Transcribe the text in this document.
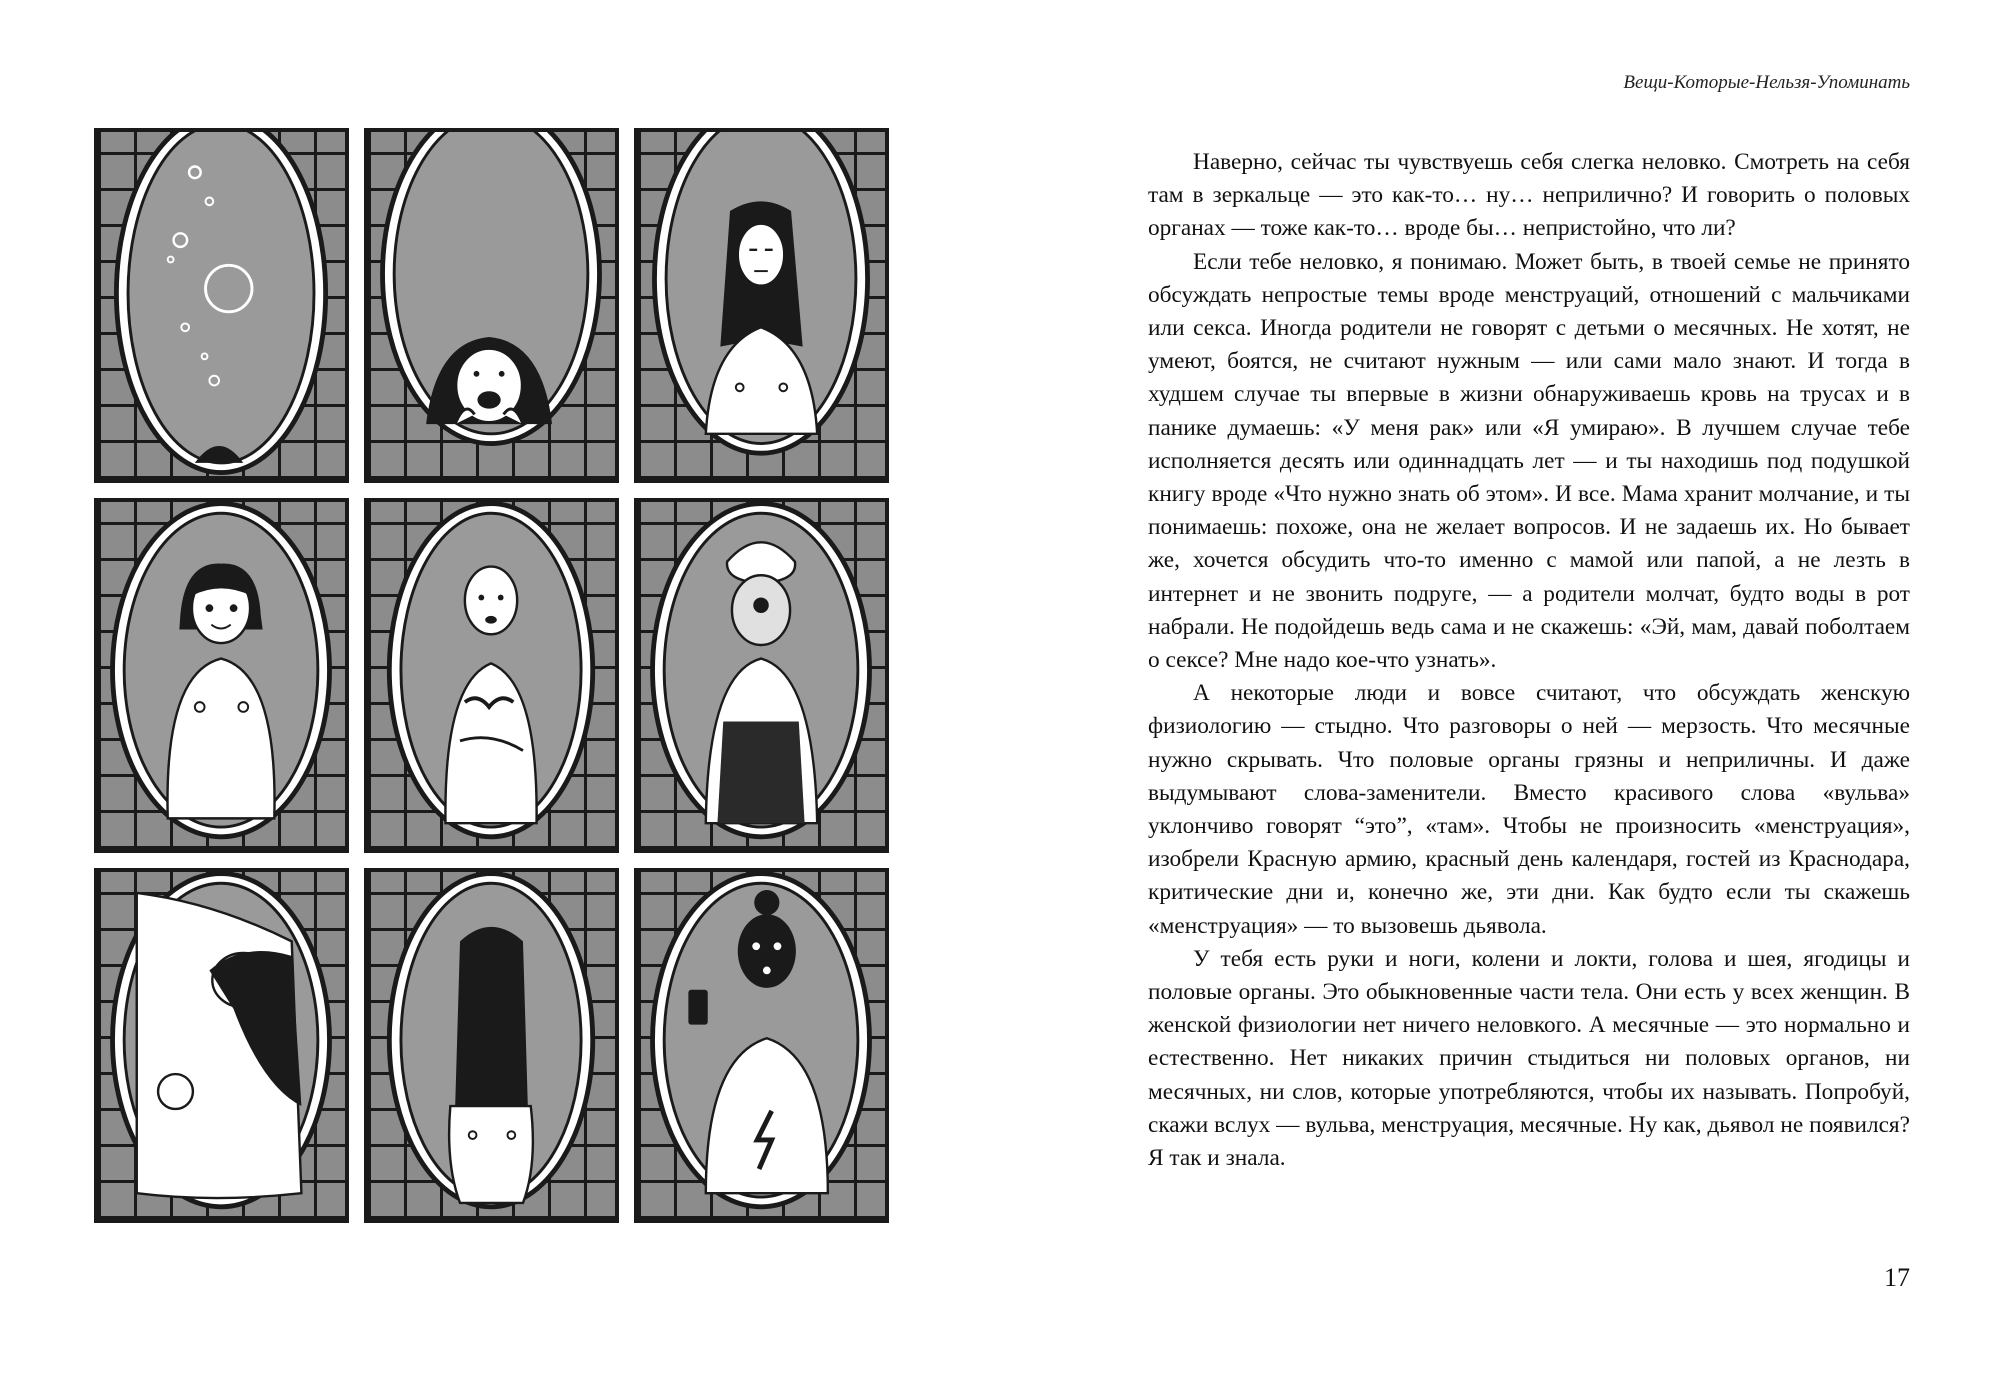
Вещи-Которые-Нельзя-Упоминать

Наверно, сейчас ты чувствуешь себя слегка неловко. Смотреть на себя там в зеркальце — это как-то… ну… неприлично? И говорить о половых органах — тоже как-то… вроде бы… непристойно, что ли?

Если тебе неловко, я понимаю. Может быть, в твоей семье не принято обсуждать непростые темы вроде менструаций, отношений с мальчиками или секса. Иногда родители не говорят с детьми о месячных. Не хотят, не умеют, боятся, не считают нужным — или сами мало знают. И тогда в худшем случае ты впервые в жизни обнаруживаешь кровь на трусах и в панике думаешь: «У меня рак» или «Я умираю». В лучшем случае тебе исполняется десять или одиннадцать лет — и ты находишь под подушкой книгу вроде «Что нужно знать об этом». И все. Мама хранит молчание, и ты понимаешь: похоже, она не желает вопросов. И не задаешь их. Но бывает же, хочется обсудить что-то именно с мамой или папой, а не лезть в интернет и не звонить подруге, — а родители молчат, будто воды в рот набрали. Не подойдешь ведь сама и не скажешь: «Эй, мам, давай поболтаем о сексе? Мне надо кое-что узнать».

А некоторые люди и вовсе считают, что обсуждать женскую физиологию — стыдно. Что разговоры о ней — мерзость. Что месячные нужно скрывать. Что половые органы грязны и неприличны. И даже выдумывают слова-заменители. Вместо красивого слова «вульва» уклончиво говорят “это”, «там». Чтобы не произносить «менструация», изобрели Красную армию, красный день календаря, гостей из Краснодара, критические дни и, конечно же, эти дни. Как будто если ты скажешь «менструация» — то вызовешь дьявола.

У тебя есть руки и ноги, колени и локти, голова и шея, ягодицы и половые органы. Это обыкновенные части тела. Они есть у всех женщин. В женской физиологии нет ничего неловкого. А месячные — это нормально и естественно. Нет никаких причин стыдиться ни половых органов, ни месячных, ни слов, которые употребляются, чтобы их называть. Попробуй, скажи вслух — вульва, менструация, месячные. Ну как, дьявол не появился? Я так и знала.

17
